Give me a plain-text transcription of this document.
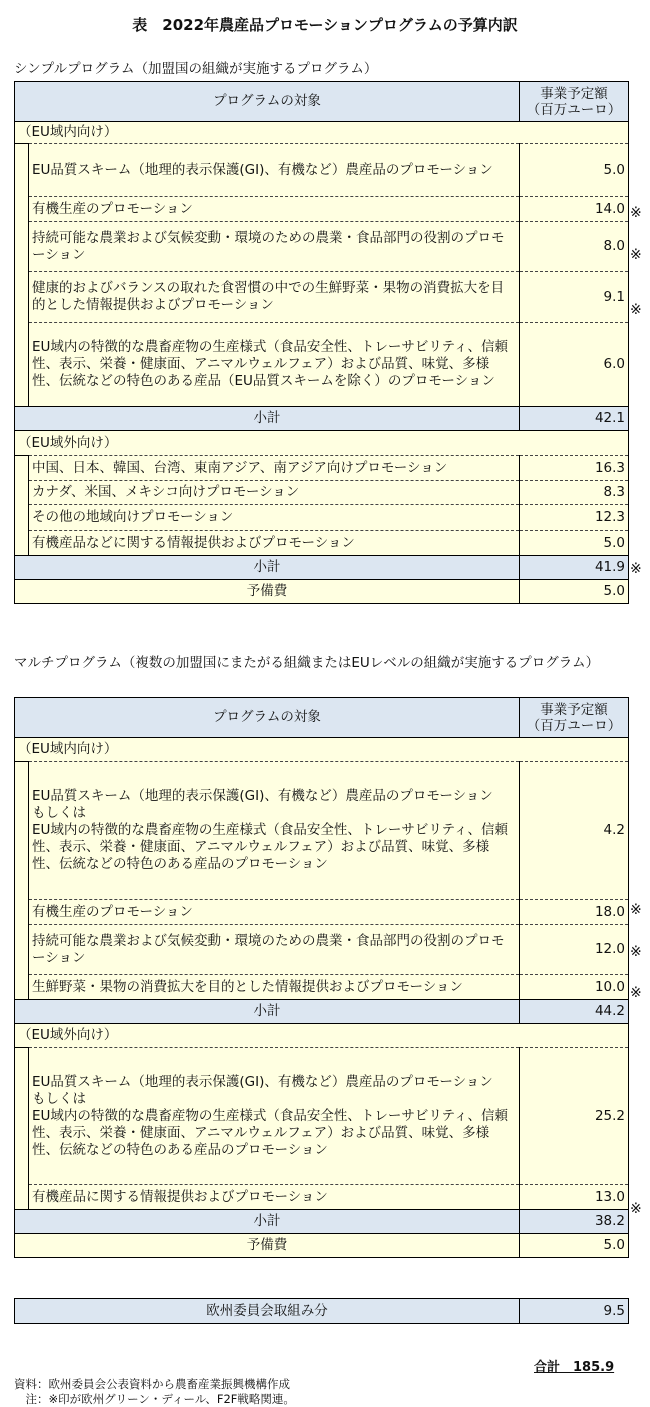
表　2022年農産品プロモーションプログラムの予算内訳
シンプルプログラム（加盟国の組織が実施するプログラム）
プログラムの対象		事業予定額
（百万ユーロ）
（EU域内向け）		
	EU品質スキーム（地理的表示保護(GI)、有機など）農産品のプロモーション	5.0
	有機生産のプロモーション	14.0
	持続可能な農業および気候変動・環境のための農業・食品部門の役割のプロモーション	8.0
	健康的およびバランスの取れた食習慣の中での生鮮野菜・果物の消費拡大を目的とした情報提供およびプロモーション	9.1
	EU域内の特徴的な農畜産物の生産様式（食品安全性、トレーサビリティ、信頼性、表示、栄養・健康面、アニマルウェルフェア）および品質、味覚、多様性、伝統などの特色のある産品（EU品質スキームを除く）のプロモーション	6.0
小計		42.1
（EU域外向け）		
	中国、日本、韓国、台湾、東南アジア、南アジア向けプロモーション	16.3
	カナダ、米国、メキシコ向けプロモーション	8.3
	その他の地域向けプロモーション	12.3
	有機産品などに関する情報提供およびプロモーション	5.0
小計		41.9
予備費		5.0
※
※
※
※
マルチプログラム（複数の加盟国にまたがる組織またはEUレベルの組織が実施するプログラム）
プログラムの対象		事業予定額
（百万ユーロ）
（EU域内向け）		
	EU品質スキーム（地理的表示保護(GI)、有機など）農産品のプロモーション
もしくは
EU域内の特徴的な農畜産物の生産様式（食品安全性、トレーサビリティ、信頼性、表示、栄養・健康面、アニマルウェルフェア）および品質、味覚、多様性、伝統などの特色のある産品のプロモーション	4.2
	有機生産のプロモーション	18.0
	持続可能な農業および気候変動・環境のための農業・食品部門の役割のプロモーション	12.0
	生鮮野菜・果物の消費拡大を目的とした情報提供およびプロモーション	10.0
小計		44.2
（EU域外向け）		
	EU品質スキーム（地理的表示保護(GI)、有機など）農産品のプロモーション
もしくは
EU域内の特徴的な農畜産物の生産様式（食品安全性、トレーサビリティ、信頼性、表示、栄養・健康面、アニマルウェルフェア）および品質、味覚、多様性、伝統などの特色のある産品のプロモーション	25.2
	有機産品に関する情報提供およびプロモーション	13.0
小計		38.2
予備費		5.0
※
※
※
※
欧州委員会取組み分	9.5
合計　185.9
資料：欧州委員会公表資料から農畜産業振興機構作成
　注：※印が欧州グリーン・ディール、F2F戦略関連。
